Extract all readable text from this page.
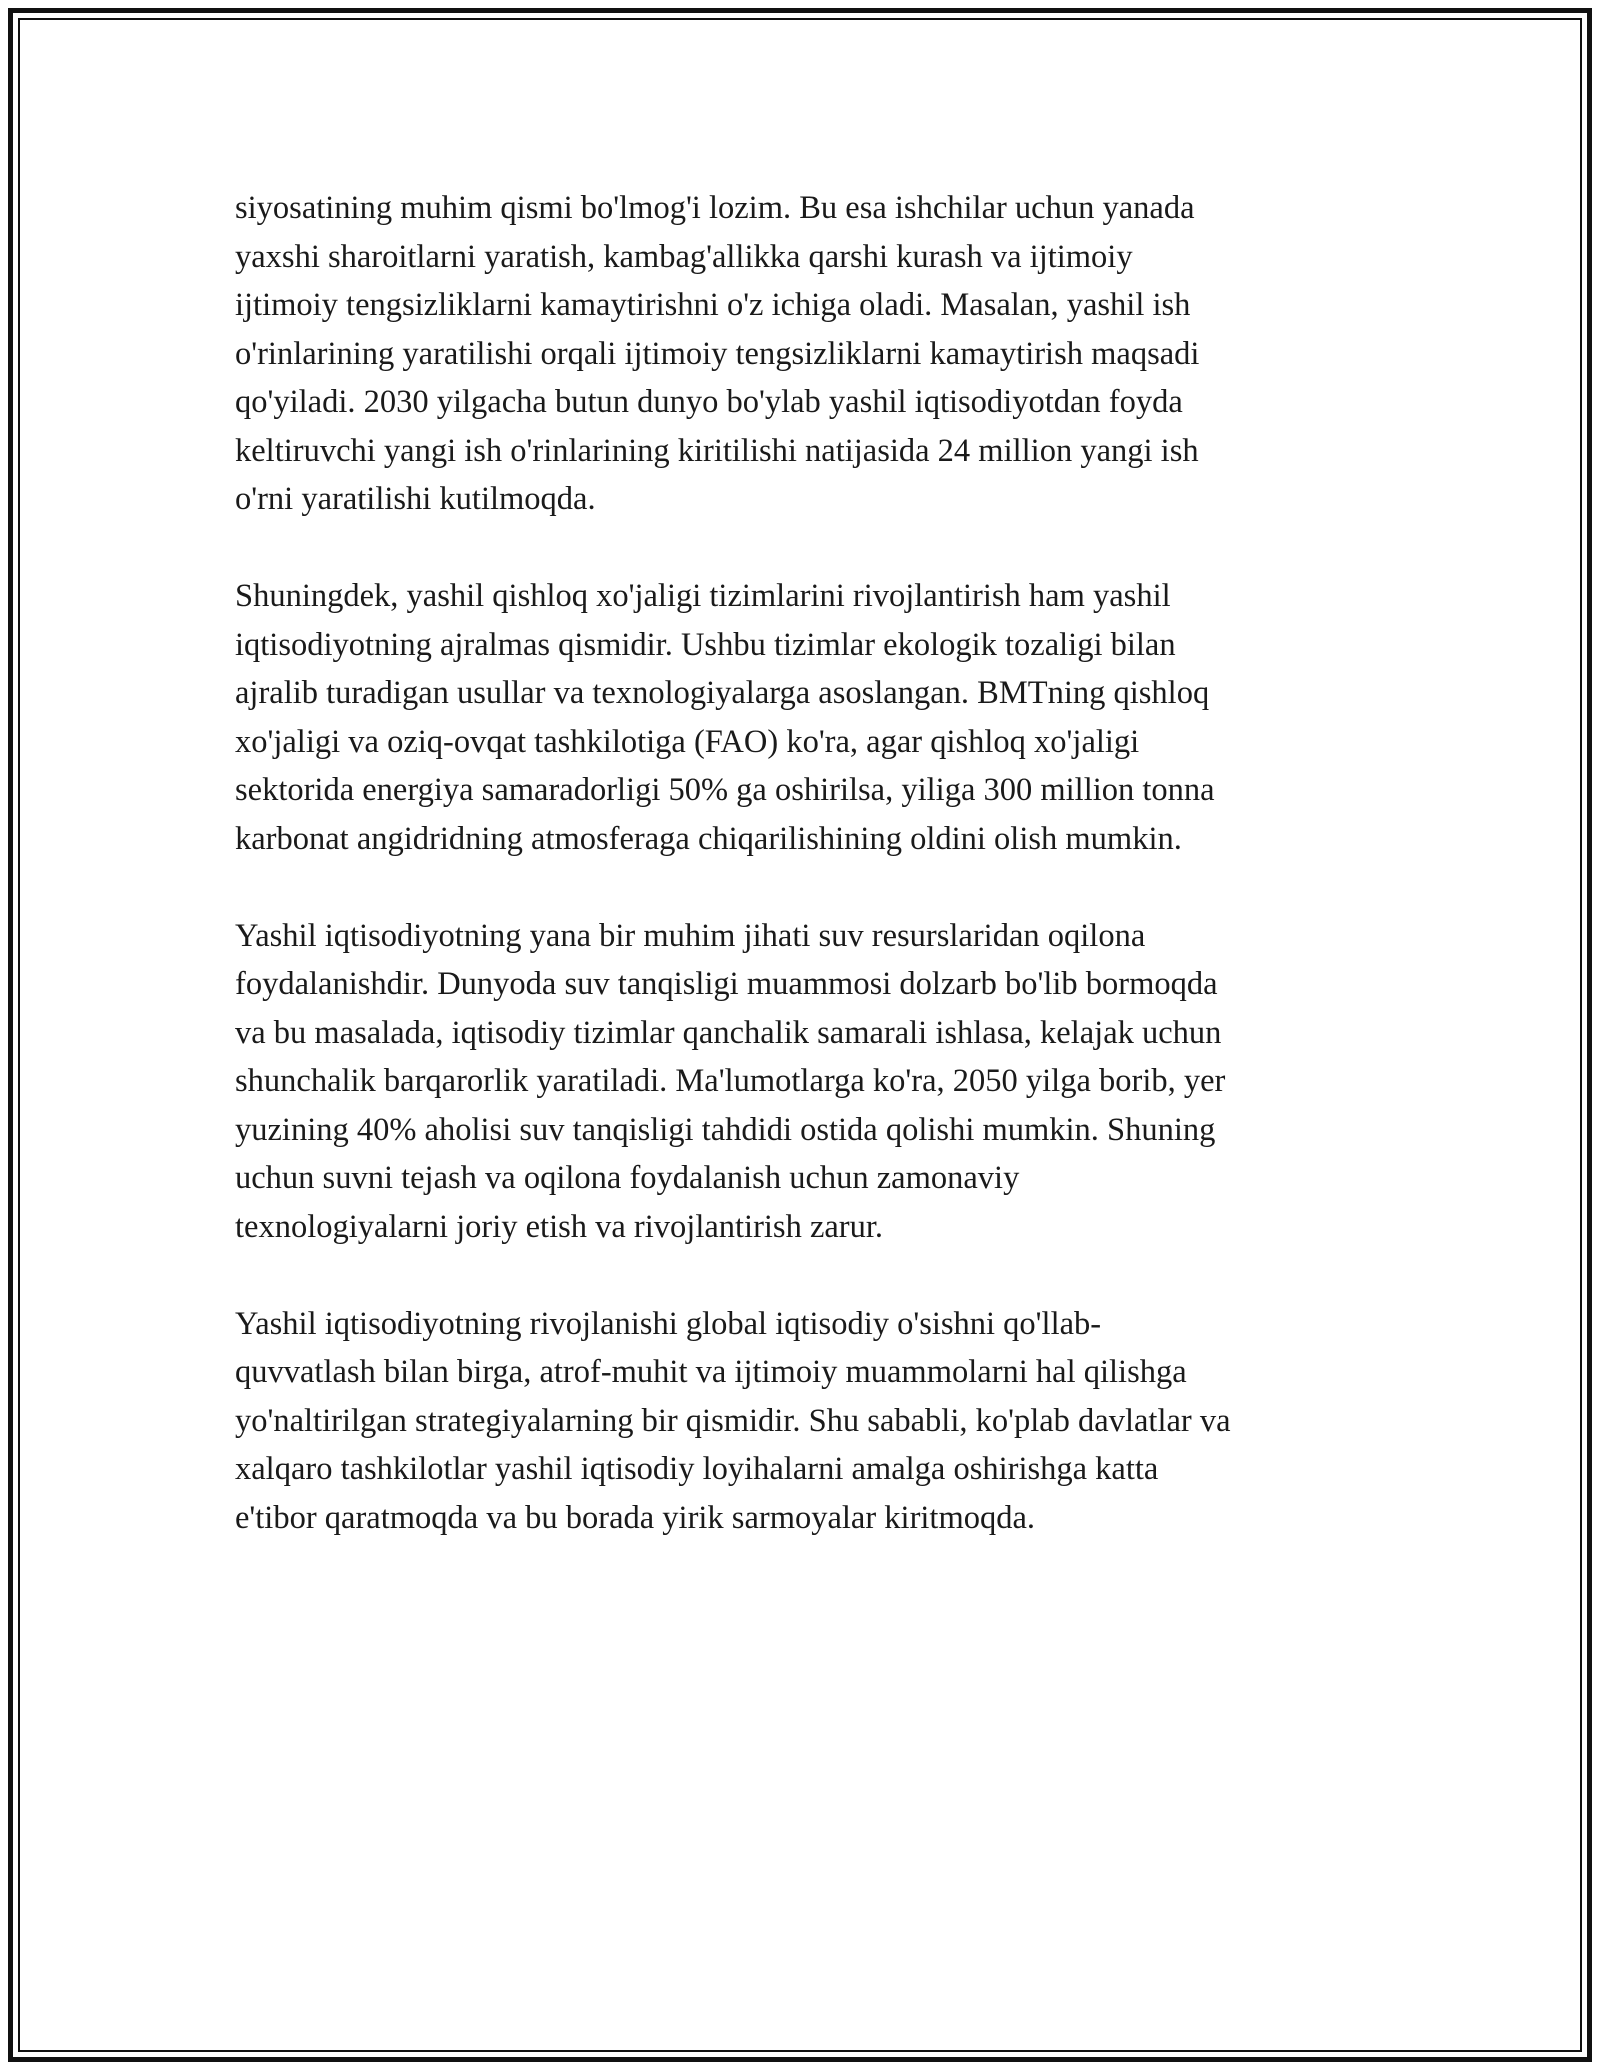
siyosatining muhim qismi bo'lmog'i lozim. Bu esa ishchilar uchun yanada
yaxshi sharoitlarni yaratish, kambag'allikka qarshi kurash va ijtimoiy
ijtimoiy tengsizliklarni kamaytirishni o'z ichiga oladi. Masalan, yashil ish
o'rinlarining yaratilishi orqali ijtimoiy tengsizliklarni kamaytirish maqsadi
qo'yiladi. 2030 yilgacha butun dunyo bo'ylab yashil iqtisodiyotdan foyda
keltiruvchi yangi ish o'rinlarining kiritilishi natijasida 24 million yangi ish
o'rni yaratilishi kutilmoqda.

Shuningdek, yashil qishloq xo'jaligi tizimlarini rivojlantirish ham yashil
iqtisodiyotning ajralmas qismidir. Ushbu tizimlar ekologik tozaligi bilan
ajralib turadigan usullar va texnologiyalarga asoslangan. BMTning qishloq
xo'jaligi va oziq-ovqat tashkilotiga (FAO) ko'ra, agar qishloq xo'jaligi
sektorida energiya samaradorligi 50% ga oshirilsa, yiliga 300 million tonna
karbonat angidridning atmosferaga chiqarilishining oldini olish mumkin.

Yashil iqtisodiyotning yana bir muhim jihati suv resurslaridan oqilona
foydalanishdir. Dunyoda suv tanqisligi muammosi dolzarb bo'lib bormoqda
va bu masalada, iqtisodiy tizimlar qanchalik samarali ishlasa, kelajak uchun
shunchalik barqarorlik yaratiladi. Ma'lumotlarga ko'ra, 2050 yilga borib, yer
yuzining 40% aholisi suv tanqisligi tahdidi ostida qolishi mumkin. Shuning
uchun suvni tejash va oqilona foydalanish uchun zamonaviy
texnologiyalarni joriy etish va rivojlantirish zarur.

Yashil iqtisodiyotning rivojlanishi global iqtisodiy o'sishni qo'llab-
quvvatlash bilan birga, atrof-muhit va ijtimoiy muammolarni hal qilishga
yo'naltirilgan strategiyalarning bir qismidir. Shu sababli, ko'plab davlatlar va
xalqaro tashkilotlar yashil iqtisodiy loyihalarni amalga oshirishga katta
e'tibor qaratmoqda va bu borada yirik sarmoyalar kiritmoqda.
